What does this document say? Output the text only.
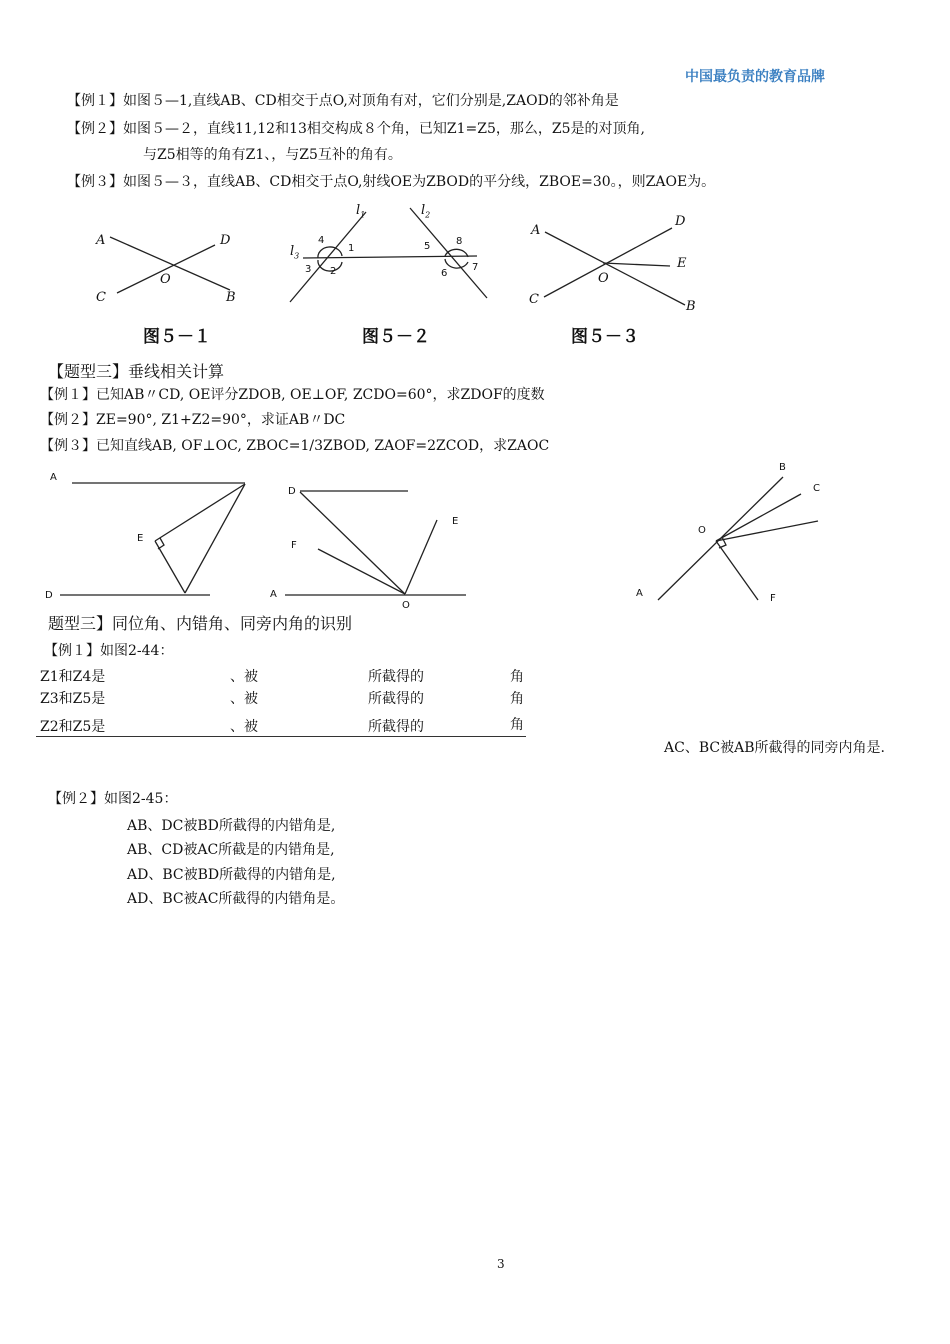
中国最负责的教育品牌
【例１】如图５—1,直线AB、CD相交于点O,对顶角有对，它们分别是,ZAOD的邻补角是
【例２】如图５—２，直线11,12和13相交构成８个角，已知Z1=Z5，那么，Z5是的对顶角,
与Z5相等的角有Z1、，与Z5互补的角有。
【例３】如图５—３，直线AB、CD相交于点O,射线OE为ZBOD的平分线，ZBOE=30。，则ZAOE为。
A	D
C
O
B
图５－１
$l_1$	$l_2$
$l_3$
4
1
3 2
5	8
6
7
图５－２
A
D
E
O
C	B
图５－３
【题型三】垂线相关计算
【例１】已知AB〃CD, OE评分ZDOB, OE⊥OF, ZCDO=60°，求ZDOF的度数
【例２】ZE=90°, Z1+Z2=90°，求证AB〃DC
【例３】已知直线AB, OF⊥OC, ZBOC=1/3ZBOD, ZAOF=2ZCOD，求ZAOC
A
E
D
D
E
F
A
O
B
C
O
A	F
题型三】同位角、内错角、同旁内角的识别
【例１】如图2-44：
Z1和Z4是	、被	所截得的	角
Z3和Z5是	、被	所截得的	角
Z2和Z5是	、被	所截得的	角
AC、BC被AB所截得的同旁内角是.
【例２】如图2-45：
AB、DC被BD所截得的内错角是,
AB、CD被AC所截是的内错角是,
AD、BC被BD所截得的内错角是,
AD、BC被AC所截得的内错角是。
3
